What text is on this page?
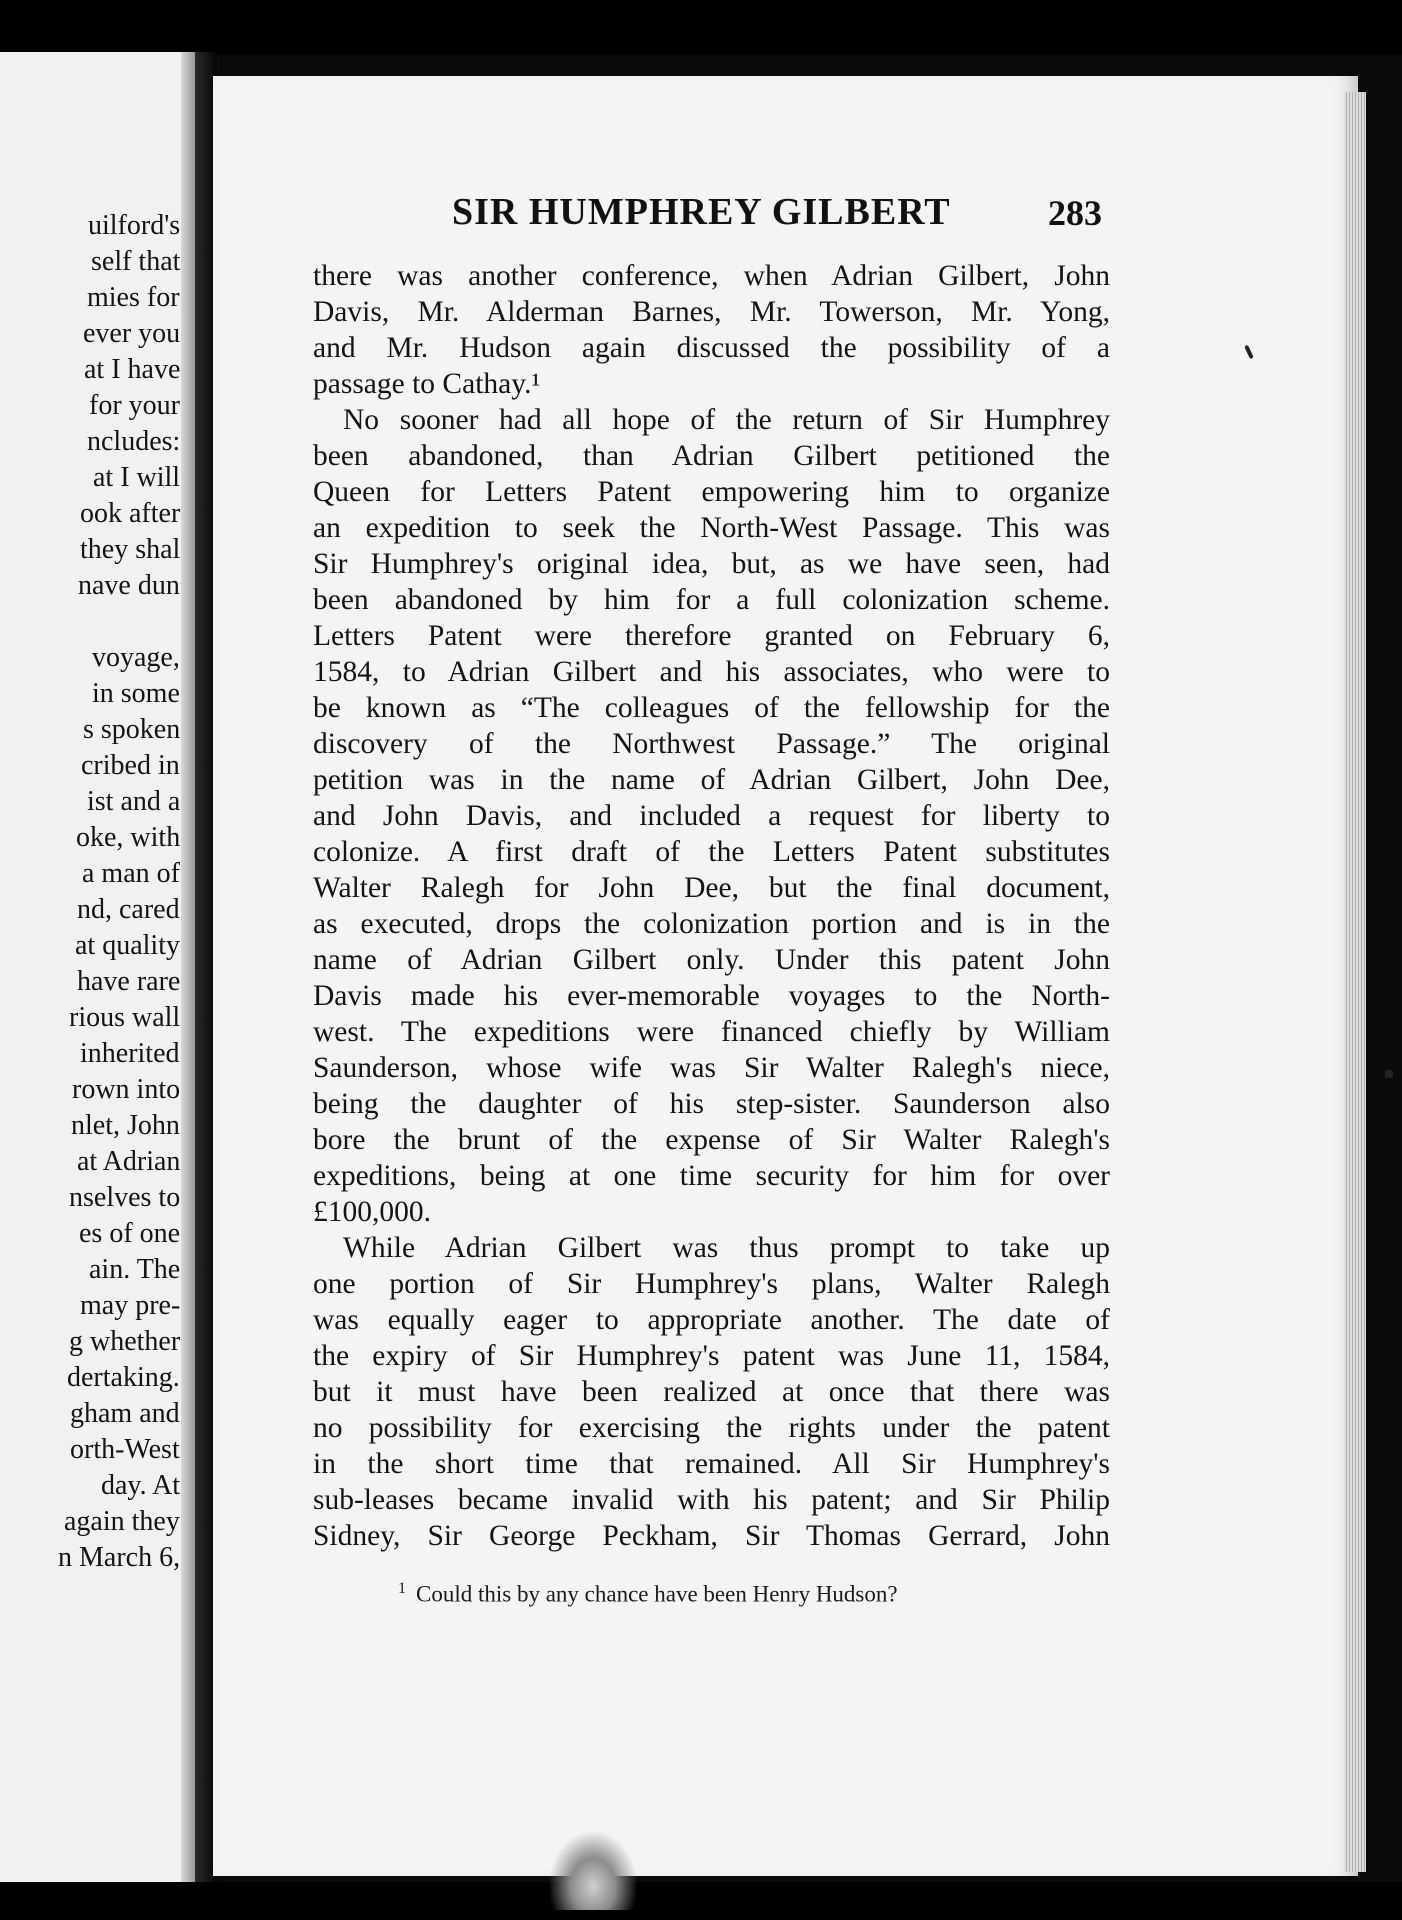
uilford's
self that
mies for
ever you
at I have
for your
ncludes:
at I will
ook after
they shal
nave dun
voyage,
in some
s spoken
cribed in
ist and a
oke, with
a man of
nd, cared
at quality
have rare
rious wall
inherited
rown into
nlet, John
at Adrian
nselves to
es of one
ain. The
may pre-
g whether
dertaking.
gham and
orth-West
day. At
again they
n March 6,
SIR HUMPHREY GILBERT	283
there was another conference, when Adrian Gilbert, John
Davis, Mr. Alderman Barnes, Mr. Towerson, Mr. Yong,
and Mr. Hudson again discussed the possibility of a
passage to Cathay.¹
No sooner had all hope of the return of Sir Humphrey
been abandoned, than Adrian Gilbert petitioned the
Queen for Letters Patent empowering him to organize
an expedition to seek the North-West Passage. This was
Sir Humphrey's original idea, but, as we have seen, had
been abandoned by him for a full colonization scheme.
Letters Patent were therefore granted on February 6,
1584, to Adrian Gilbert and his associates, who were to
be known as “The colleagues of the fellowship for the
discovery of the Northwest Passage.” The original
petition was in the name of Adrian Gilbert, John Dee,
and John Davis, and included a request for liberty to
colonize. A first draft of the Letters Patent substitutes
Walter Ralegh for John Dee, but the final document,
as executed, drops the colonization portion and is in the
name of Adrian Gilbert only. Under this patent John
Davis made his ever-memorable voyages to the North-
west. The expeditions were financed chiefly by William
Saunderson, whose wife was Sir Walter Ralegh's niece,
being the daughter of his step-sister. Saunderson also
bore the brunt of the expense of Sir Walter Ralegh's
expeditions, being at one time security for him for over
£100,000.
While Adrian Gilbert was thus prompt to take up
one portion of Sir Humphrey's plans, Walter Ralegh
was equally eager to appropriate another. The date of
the expiry of Sir Humphrey's patent was June 11, 1584,
but it must have been realized at once that there was
no possibility for exercising the rights under the patent
in the short time that remained. All Sir Humphrey's
sub-leases became invalid with his patent; and Sir Philip
Sidney, Sir George Peckham, Sir Thomas Gerrard, John
$^1$ Could this by any chance have been Henry Hudson?
